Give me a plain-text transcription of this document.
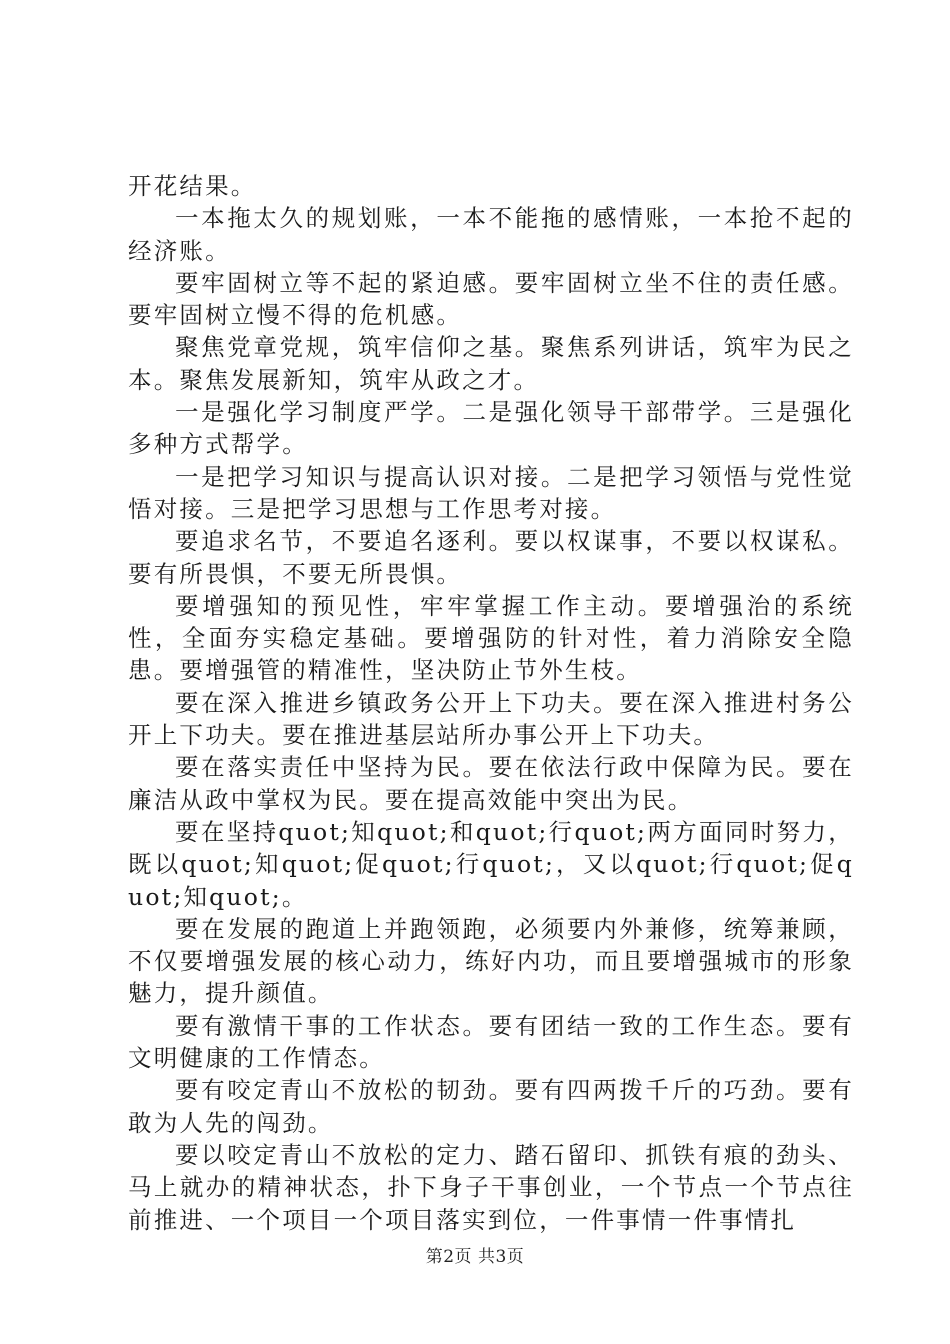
开花结果。

一本拖太久的规划账，一本不能拖的感情账，一本抢不起的经济账。

要牢固树立等不起的紧迫感。要牢固树立坐不住的责任感。要牢固树立慢不得的危机感。

聚焦党章党规，筑牢信仰之基。聚焦系列讲话，筑牢为民之本。聚焦发展新知，筑牢从政之才。

一是强化学习制度严学。二是强化领导干部带学。三是强化多种方式帮学。

一是把学习知识与提高认识对接。二是把学习领悟与党性觉悟对接。三是把学习思想与工作思考对接。

要追求名节，不要追名逐利。要以权谋事，不要以权谋私。要有所畏惧，不要无所畏惧。

要增强知的预见性，牢牢掌握工作主动。要增强治的系统性，全面夯实稳定基础。要增强防的针对性，着力消除安全隐患。要增强管的精准性，坚决防止节外生枝。

要在深入推进乡镇政务公开上下功夫。要在深入推进村务公开上下功夫。要在推进基层站所办事公开上下功夫。

要在落实责任中坚持为民。要在依法行政中保障为民。要在廉洁从政中掌权为民。要在提高效能中突出为民。

要在坚持quot;知quot;和quot;行quot;两方面同时努力，既以quot;知quot;促quot;行quot;，又以quot;行quot;促quot;知quot;。

要在发展的跑道上并跑领跑，必须要内外兼修，统筹兼顾，不仅要增强发展的核心动力，练好内功，而且要增强城市的形象魅力，提升颜值。

要有激情干事的工作状态。要有团结一致的工作生态。要有文明健康的工作情态。

要有咬定青山不放松的韧劲。要有四两拨千斤的巧劲。要有敢为人先的闯劲。

要以咬定青山不放松的定力、踏石留印、抓铁有痕的劲头、马上就办的精神状态，扑下身子干事创业，一个节点一个节点往前推进、一个项目一个项目落实到位，一件事情一件事情扎

第2页 共3页
